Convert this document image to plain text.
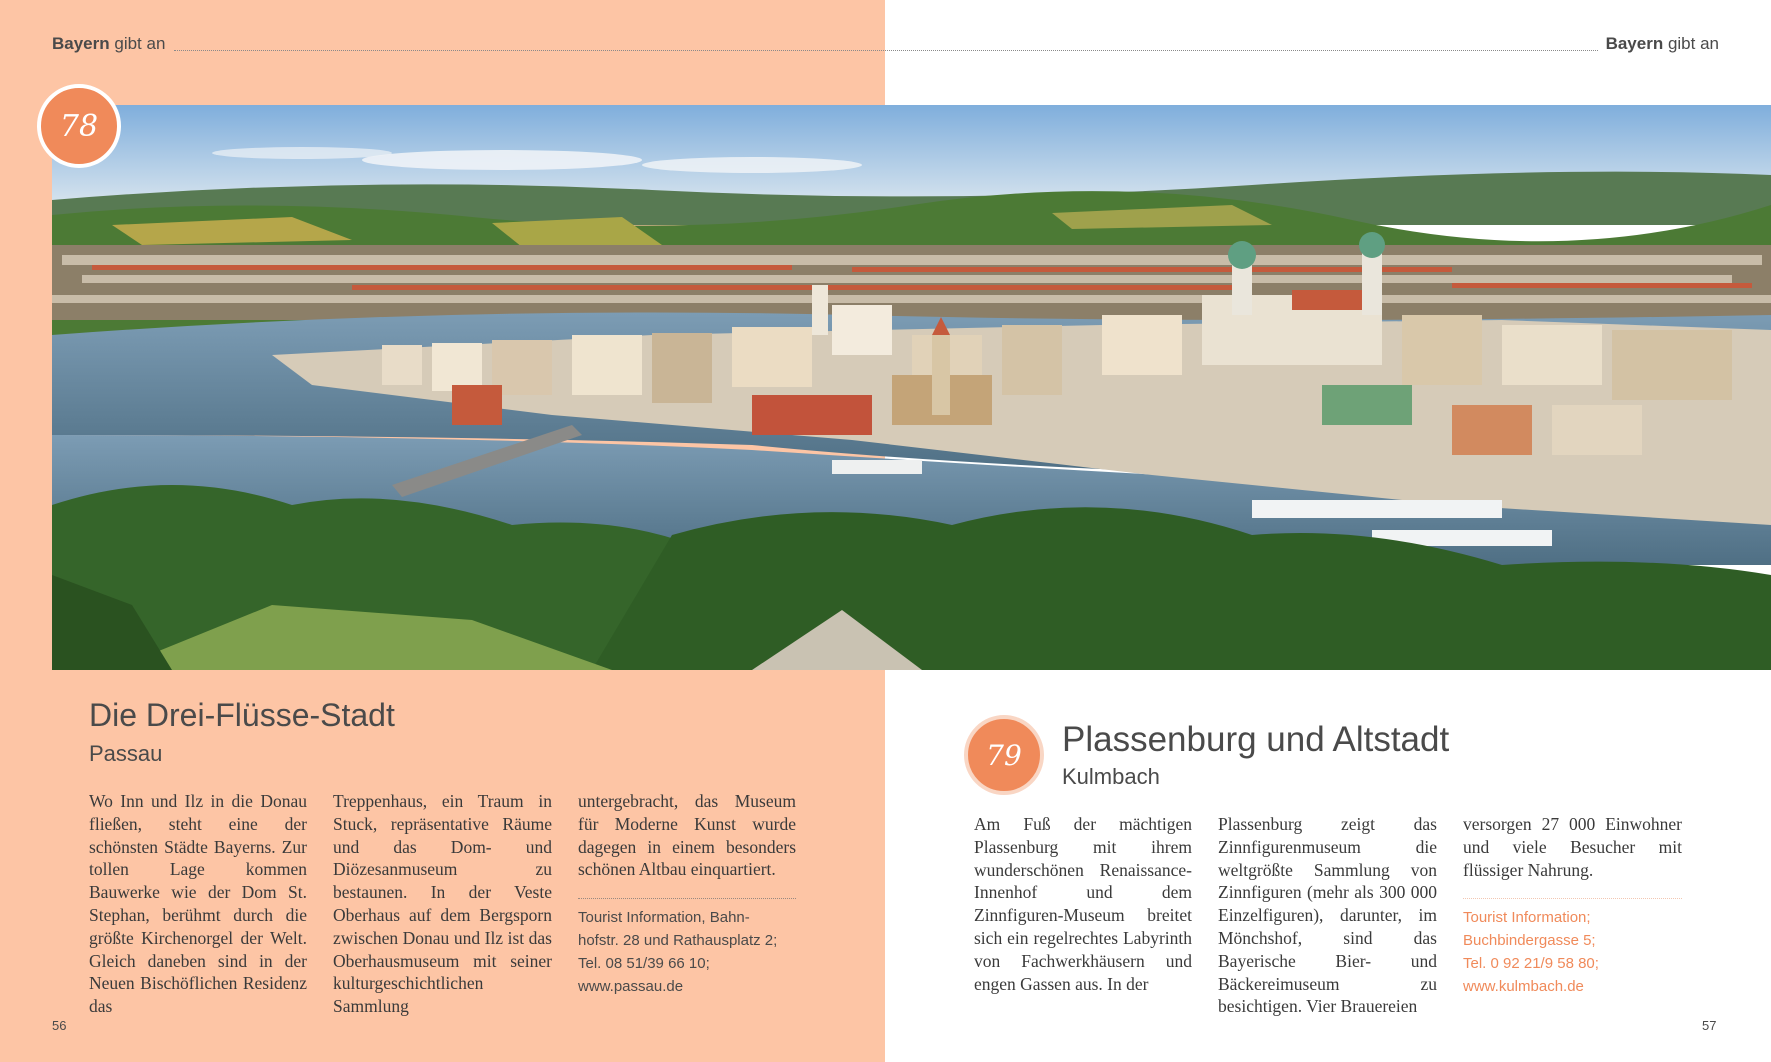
Bayern gibt an	Bayern gibt an
78
Die Drei-Flüsse-Stadt
Passau
Wo Inn und Ilz in die Donau fließen, steht eine der schönsten Städte Bayerns. Zur tollen Lage kommen Bauwerke wie der Dom St. Stephan, berühmt durch die größte Kirchenorgel der Welt. Gleich daneben sind in der Neuen Bischöflichen Residenz das
Treppenhaus, ein Traum in Stuck, repräsentative Räume und das Dom- und Diözesanmuseum zu bestaunen. In der Veste Oberhaus auf dem Bergsporn zwischen Donau und Ilz ist das Oberhausmuseum mit seiner kulturgeschichtlichen Sammlung
untergebracht, das Museum für Moderne Kunst wurde dagegen in einem besonders schönen Altbau einquartiert.
Tourist Information, Bahn-
hofstr. 28 und Rathausplatz 2;
Tel. 08 51/39 66 10;
www.passau.de
79	Plassenburg und Altstadt
Kulmbach
Am Fuß der mächtigen Plassenburg mit ihrem wunderschönen Renaissance-Innenhof und dem Zinnfiguren-Museum breitet sich ein regelrechtes Labyrinth von Fachwerkhäusern und engen Gassen aus. In der
Plassenburg zeigt das Zinnfigurenmuseum die weltgrößte Sammlung von Zinnfiguren (mehr als 300 000 Einzelfiguren), darunter, im Mönchshof, sind das Bayerische Bier- und Bäckereimuseum zu besichtigen. Vier Brauereien
versorgen 27 000 Einwohner und viele Besucher mit flüssiger Nahrung.
Tourist Information;
Buchbindergasse 5;
Tel. 0 92 21/9 58 80;
www.kulmbach.de
56	57
